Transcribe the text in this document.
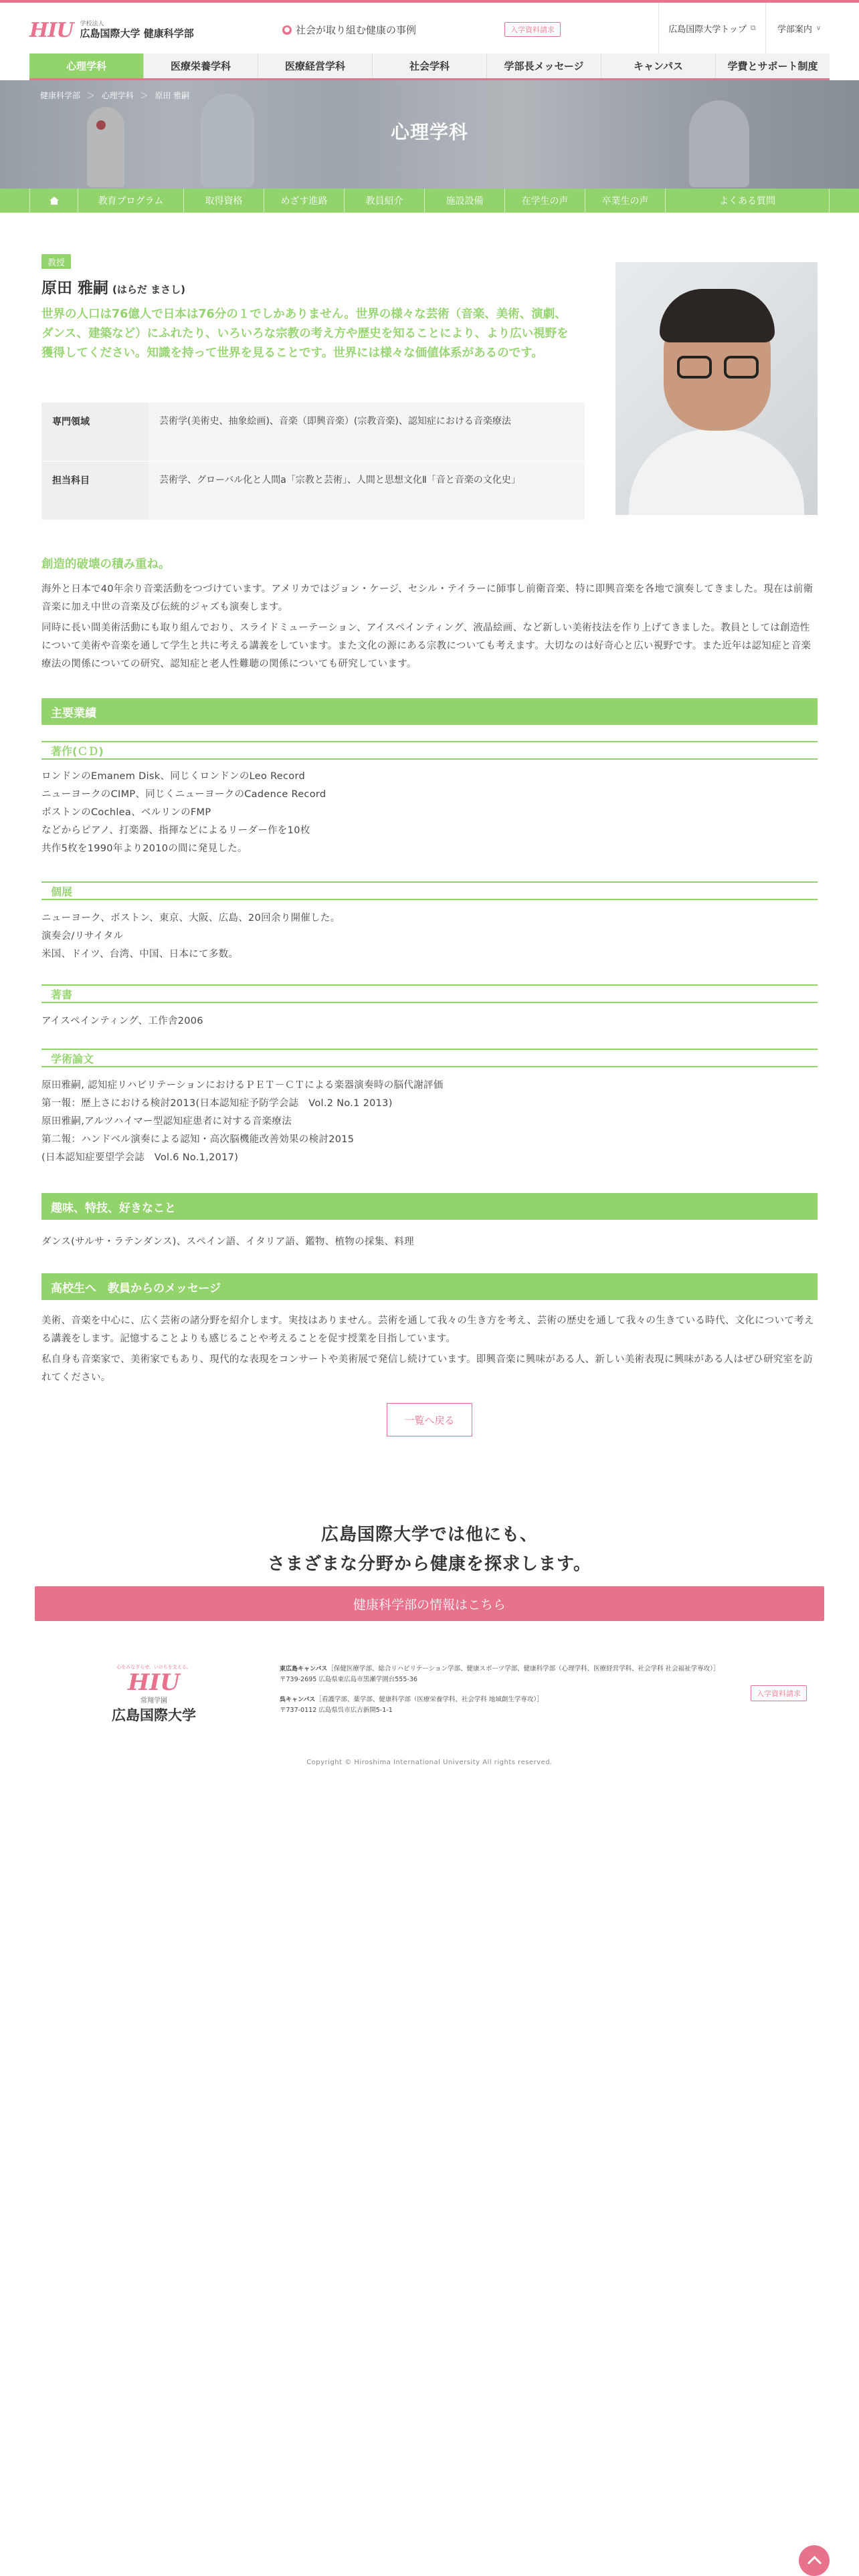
HIU 学校法人
広島国際大学 健康科学部	● 社会が取り組む健康の事例	入学資料請求	広島国際大学トップ ⧉ 学部案内 ∨
心理学科	医療栄養学科	医療経営学科	社会学科	学部長メッセージ	キャンパス	学費とサポート制度
健康科学部 ＞ 心理学科 ＞ 原田 雅嗣
心理学科
教育プログラム	取得資格	めざす進路	教員紹介	施設設備	在学生の声	卒業生の声	よくある質問
教授
原田 雅嗣 (はらだ まさし)

世界の人口は76億人で日本は76分の１でしかありません。世界の様々な芸術（音楽、美術、演劇、ダンス、建築など）にふれたり、いろいろな宗教の考え方や歴史を知ることにより、より広い視野を獲得してください。知識を持って世界を見ることです。世界には様々な価値体系があるのです。

専門領域	芸術学(美術史、抽象絵画)、音楽（即興音楽）(宗教音楽)、認知症における音楽療法
担当科目	芸術学、グローバル化と人間a「宗教と芸術」、人間と思想文化Ⅱ「音と音楽の文化史」
創造的破壊の積み重ね。

海外と日本で40年余り音楽活動をつづけています。アメリカではジョン・ケージ、セシル・テイラーに師事し前衛音楽、特に即興音楽を各地で演奏してきました。現在は前衛音楽に加え中世の音楽及び伝統的ジャズも演奏します。

同時に長い間美術活動にも取り組んでおり、スライドミューテーション、アイスペインティング、液晶絵画、など新しい美術技法を作り上げてきました。教員としては創造性について美術や音楽を通して学生と共に考える講義をしています。また文化の源にある宗教についても考えます。大切なのは好奇心と広い視野です。また近年は認知症と音楽療法の関係についての研究、認知症と老人性難聴の関係についても研究しています。

主要業績
著作(ＣＤ)
ロンドンのEmanem Disk、同じくロンドンのLeo Record
ニューヨークのCIMP、同じくニューヨークのCadence Record
ボストンのCochlea、ベルリンのFMP
などからピアノ、打楽器、指揮などによるリーダー作を10枚
共作5枚を1990年より2010の間に発見した。
個展
ニューヨーク、ボストン、東京、大阪、広島、20回余り開催した。
演奏会/リサイタル
米国、ドイツ、台湾、中国、日本にて多数。
著書
アイスペインティング、工作舎2006
学術論文
原田雅嗣, 認知症リハビリテーションにおけるＰＥＴ－ＣＴによる楽器演奏時の脳代謝評価
第一報：歴上さにおける検討2013(日本認知症予防学会誌　Vol.2 No.1 2013)
原田雅嗣,アルツハイマー型認知症患者に対する音楽療法
第二報：ハンドベル演奏による認知・高次脳機能改善効果の検討2015
(日本認知症要望学会誌　Vol.6 No.1,2017)
趣味、特技、好きなこと

ダンス(サルサ・ラテンダンス)、スペイン語、イタリア語、鑑物、植物の採集、料理

高校生へ　教員からのメッセージ

美術、音楽を中心に、広く芸術の諸分野を紹介します。実技はありません。芸術を通して我々の生き方を考え、芸術の歴史を通して我々の生きている時代、文化について考える講義をします。記憶することよりも感じることや考えることを促す授業を目指しています。

私自身も音楽家で、美術家でもあり、現代的な表現をコンサートや美術展で発信し続けています。即興音楽に興味がある人、新しい美術表現に興味がある人はぜひ研究室を訪れてください。

一覧へ戻る
広島国際大学では他にも、
さまざまな分野から健康を探求します。
健康科学部の情報はこちら
心をみなぎらせ、いのちを支える。
HIU
常翔学園
広島国際大学
東広島キャンパス［保健医療学部、総合リハビリテーション学部、健康スポーツ学部、健康科学部（心理学科、医療経営学科、社会学科 社会福祉学専攻）］
〒739-2695 広島県東広島市黒瀬学園台555-36
呉キャンパス［看護学部、薬学部、健康科学部（医療栄養学科、社会学科 地域創生学専攻）］
〒737-0112 広島県呉市広古新開5-1-1
入学資料請求
Copyright © Hiroshima International University All rights reserved.
